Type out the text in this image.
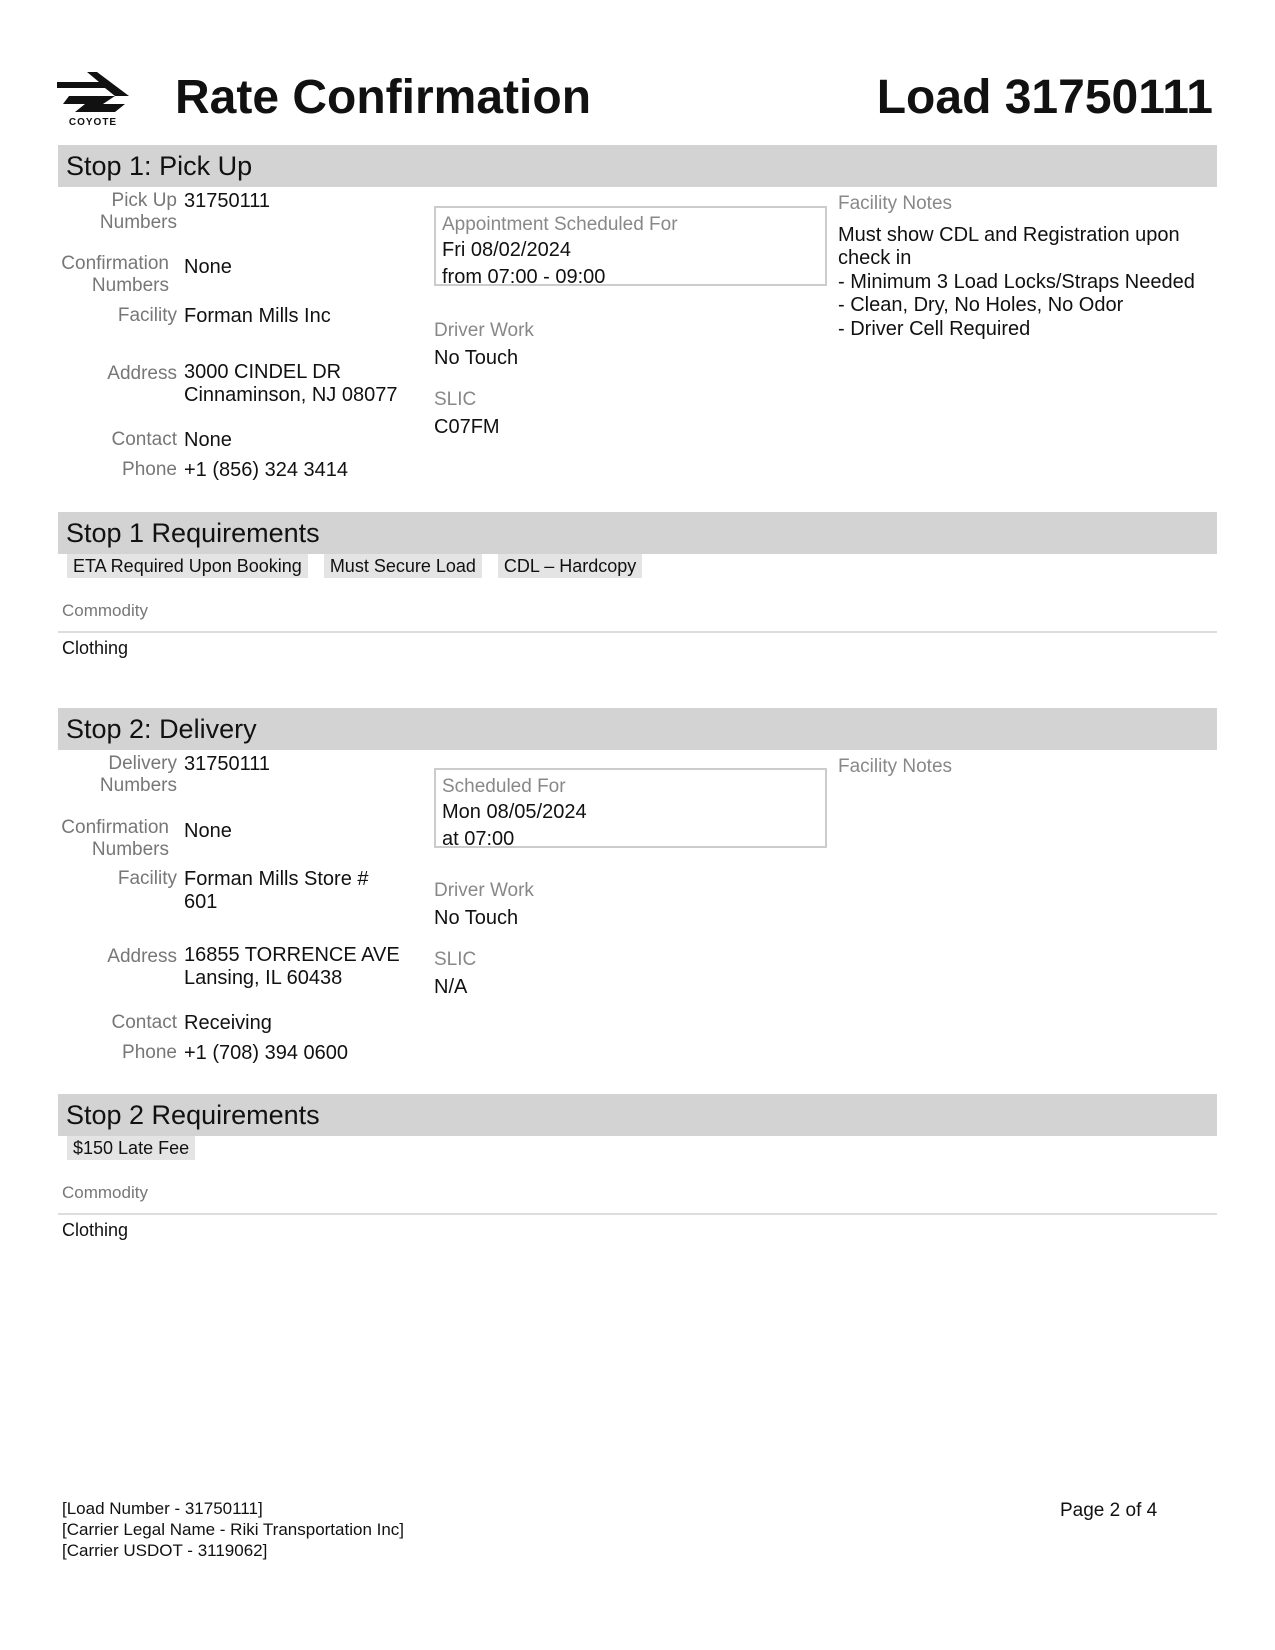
COYOTE Rate Confirmation	Load 31750111
Stop 1: Pick Up
Pick Up Numbers
31750111
Confirmation Numbers
None
Facility Forman Mills Inc
Address 3000 CINDEL DR
Cinnaminson, NJ 08077
Contact None
Phone +1 (856) 324 3414
Appointment Scheduled For
Fri 08/02/2024
from 07:00 - 09:00
Driver Work
No Touch
SLIC
C07FM
Facility Notes
Must show CDL and Registration upon check in
- Minimum 3 Load Locks/Straps Needed
- Clean, Dry, No Holes, No Odor
- Driver Cell Required
Stop 1 Requirements
ETA Required Upon Booking Must Secure Load CDL – Hardcopy
Commodity
Clothing
Stop 2: Delivery
Delivery Numbers
31750111
Confirmation Numbers
None
Facility Forman Mills Store # 601
Address 16855 TORRENCE AVE
Lansing, IL 60438
Contact Receiving
Phone +1 (708) 394 0600
Scheduled For
Mon 08/05/2024
at 07:00
Driver Work
No Touch
SLIC
N/A
Facility Notes
Stop 2 Requirements
$150 Late Fee
Commodity
Clothing
[Load Number - 31750111]
[Carrier Legal Name - Riki Transportation Inc]
[Carrier USDOT - 3119062]
Page 2 of 4
